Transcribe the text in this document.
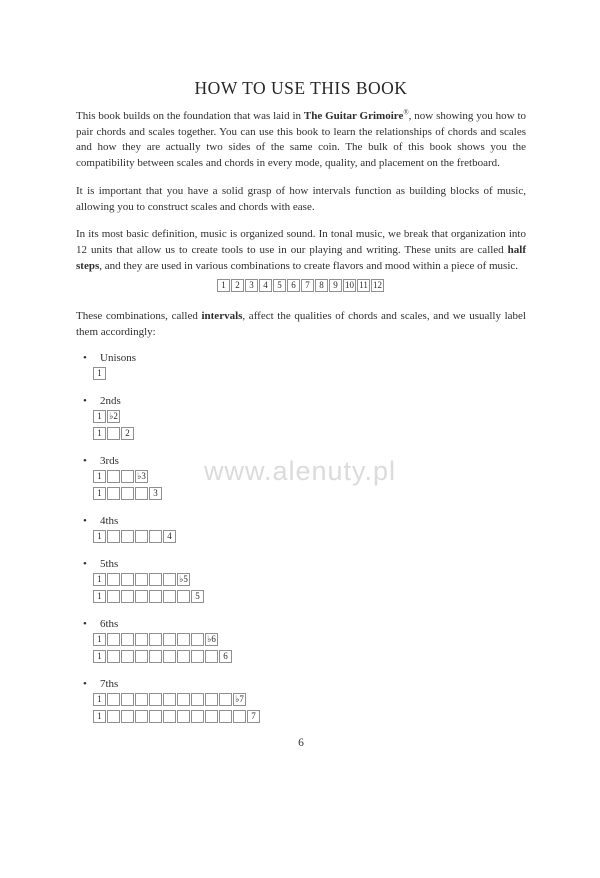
www.alenuty.pl
HOW TO USE THIS BOOK

This book builds on the foundation that was laid in The Guitar Grimoire®, now showing you how to pair chords and scales together. You can use this book to learn the relationships of chords and scales and how they are actually two sides of the same coin. The bulk of this book shows you the compatibility between scales and chords in every mode, quality, and placement on the fretboard.

It is important that you have a solid grasp of how intervals function as building blocks of music, allowing you to construct scales and chords with ease.

In its most basic definition, music is organized sound. In tonal music, we break that organization into 12 units that allow us to create tools to use in our playing and writing. These units are called half steps, and they are used in various combinations to create flavors and mood within a piece of music.

1 2 3 4 5 6 7 8 9 10 11 12

These combinations, called intervals, affect the qualities of chords and scales, and we usually label them accordingly:

• Unisons
1
• 2nds
1 ♭2
1	2
• 3rds
1	♭3
1	3
• 4ths
1	4
• 5ths
1	♭5
1	5
• 6ths
1	♭6
1	6
• 7ths
1	♭7
1	7
6
